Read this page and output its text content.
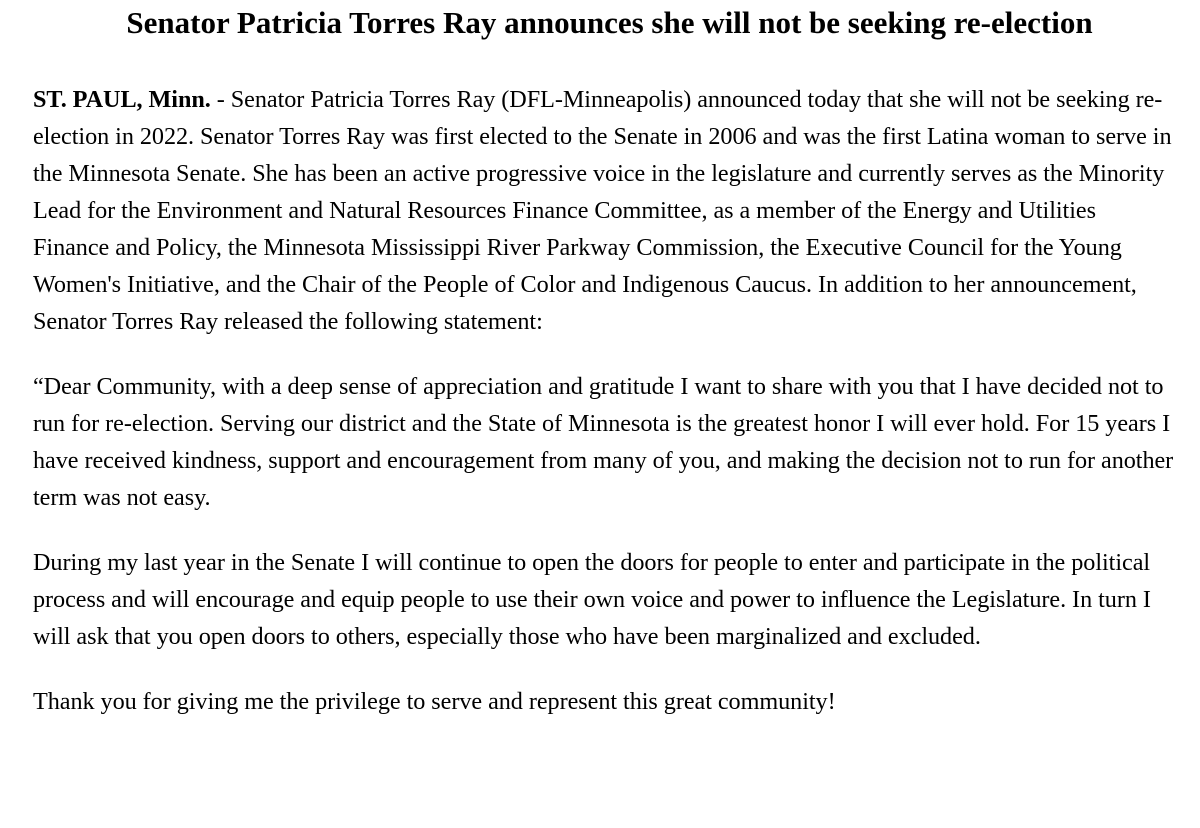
Senator Patricia Torres Ray announces she will not be seeking re-election

ST. PAUL, Minn. - Senator Patricia Torres Ray (DFL-Minneapolis) announced today that she will not be seeking re-election in 2022. Senator Torres Ray was first elected to the Senate in 2006 and was the first Latina woman to serve in the Minnesota Senate. She has been an active progressive voice in the legislature and currently serves as the Minority Lead for the Environment and Natural Resources Finance Committee, as a member of the Energy and Utilities Finance and Policy, the Minnesota Mississippi River Parkway Commission, the Executive Council for the Young Women's Initiative, and the Chair of the People of Color and Indigenous Caucus. In addition to her announcement, Senator Torres Ray released the following statement:

“Dear Community, with a deep sense of appreciation and gratitude I want to share with you that I have decided not to run for re-election. Serving our district and the State of Minnesota is the greatest honor I will ever hold. For 15 years I have received kindness, support and encouragement from many of you, and making the decision not to run for another term was not easy.

During my last year in the Senate I will continue to open the doors for people to enter and participate in the political process and will encourage and equip people to use their own voice and power to influence the Legislature. In turn I will ask that you open doors to others, especially those who have been marginalized and excluded.

Thank you for giving me the privilege to serve and represent this great community!
